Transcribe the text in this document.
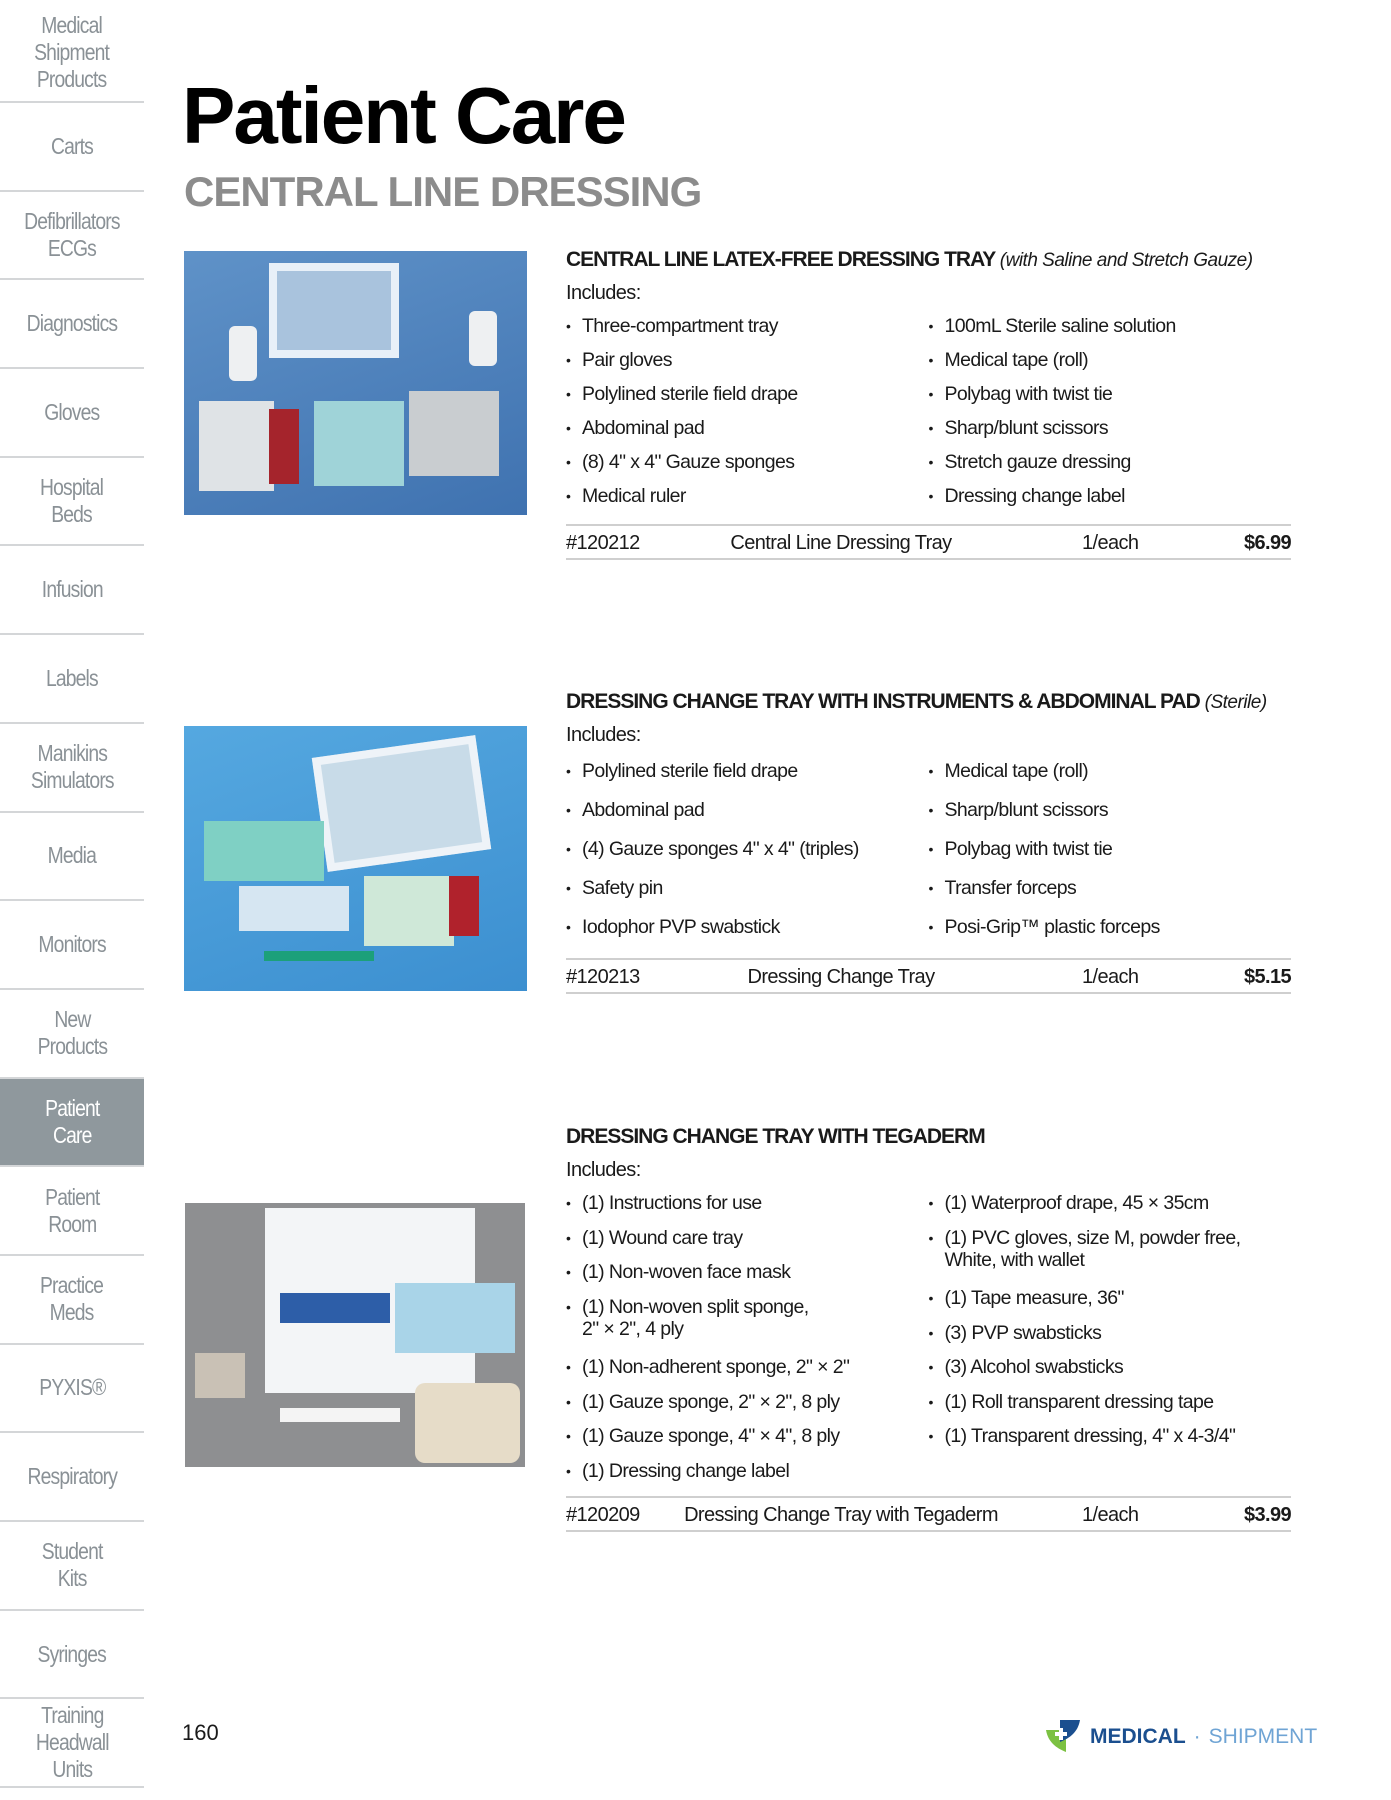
Medical
Shipment
Products
Carts
Defibrillators
ECGs
Diagnostics
Gloves
Hospital
Beds
Infusion
Labels
Manikins
Simulators
Media
Monitors
New
Products
Patient
Care
Patient
Room
Practice
Meds
PYXIS®
Respiratory
Student
Kits
Syringes
Training
Headwall
Units
Patient Care
CENTRAL LINE DRESSING
CENTRAL LINE LATEX-FREE DRESSING TRAY (with Saline and Stretch Gauze)
Includes:
• Three-compartment tray
• Pair gloves
• Polylined sterile field drape
• Abdominal pad
• (8) 4" x 4" Gauze sponges
• Medical ruler
• 100mL Sterile saline solution
• Medical tape (roll)
• Polybag with twist tie
• Sharp/blunt scissors
• Stretch gauze dressing
• Dressing change label
#120212	Central Line Dressing Tray	1/each	$6.99
DRESSING CHANGE TRAY WITH INSTRUMENTS & ABDOMINAL PAD (Sterile)
Includes:
• Polylined sterile field drape
• Abdominal pad
• (4) Gauze sponges 4" x 4" (triples)
• Safety pin
• Iodophor PVP swabstick
• Medical tape (roll)
• Sharp/blunt scissors
• Polybag with twist tie
• Transfer forceps
• Posi-Grip™ plastic forceps
#120213	Dressing Change Tray	1/each	$5.15
DRESSING CHANGE TRAY WITH TEGADERM
Includes:
• (1) Instructions for use
• (1) Wound care tray
• (1) Non-woven face mask
• (1) Non-woven split sponge,
2" × 2", 4 ply
• (1) Non-adherent sponge, 2" × 2"
• (1) Gauze sponge, 2" × 2", 8 ply
• (1) Gauze sponge, 4" × 4", 8 ply
• (1) Dressing change label
• (1) Waterproof drape, 45 × 35cm
• (1) PVC gloves, size M, powder free,
White, with wallet
• (1) Tape measure, 36"
• (3) PVP swabsticks
• (3) Alcohol swabsticks
• (1) Roll transparent dressing tape
• (1) Transparent dressing, 4" x 4-3/4"
#120209 Dressing Change Tray with Tegaderm	1/each	$3.99
160	MEDICAL · SHIPMENT
